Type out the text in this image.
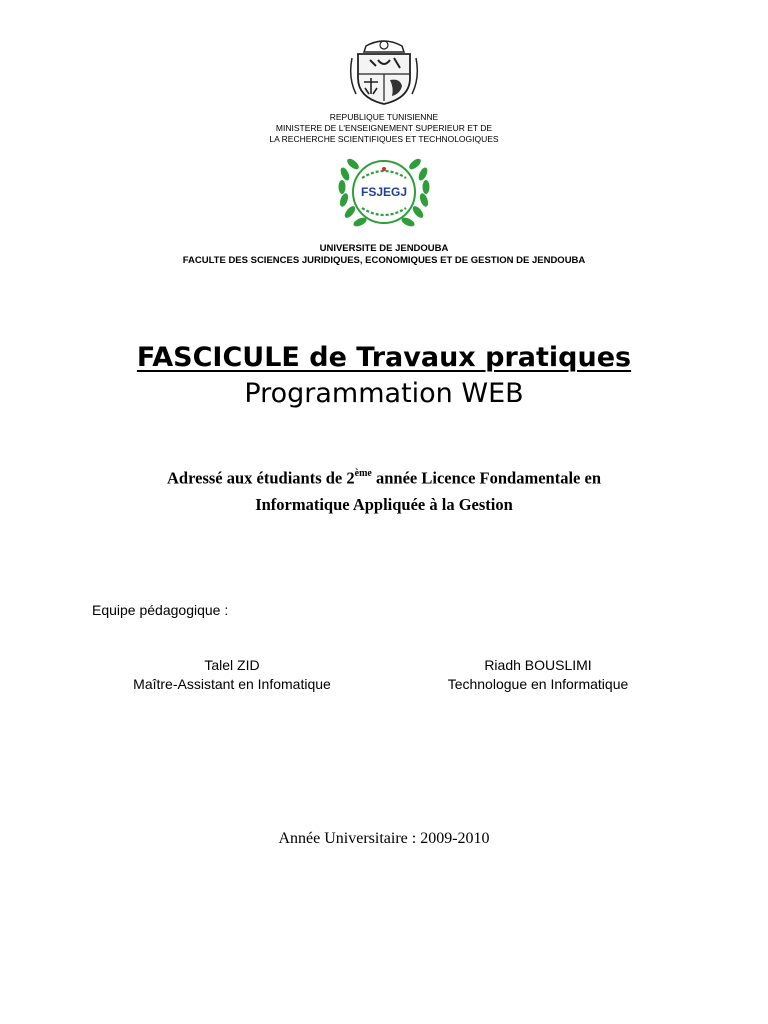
REPUBLIQUE TUNISIENNE
MINISTERE DE L'ENSEIGNEMENT SUPERIEUR ET DE
LA RECHERCHE SCIENTIFIQUES ET TECHNOLOGIQUES
FSJEGJ
UNIVERSITE DE JENDOUBA
FACULTE DES SCIENCES JURIDIQUES, ECONOMIQUES ET DE GESTION DE JENDOUBA
FASCICULE de Travaux pratiques
Programmation WEB
Adressé aux étudiants de 2ème année Licence Fondamentale en
Informatique Appliquée à la Gestion
Equipe pédagogique :
Talel ZID
Maître-Assistant en Infomatique
Riadh BOUSLIMI
Technologue en Informatique
Année Universitaire : 2009-2010
